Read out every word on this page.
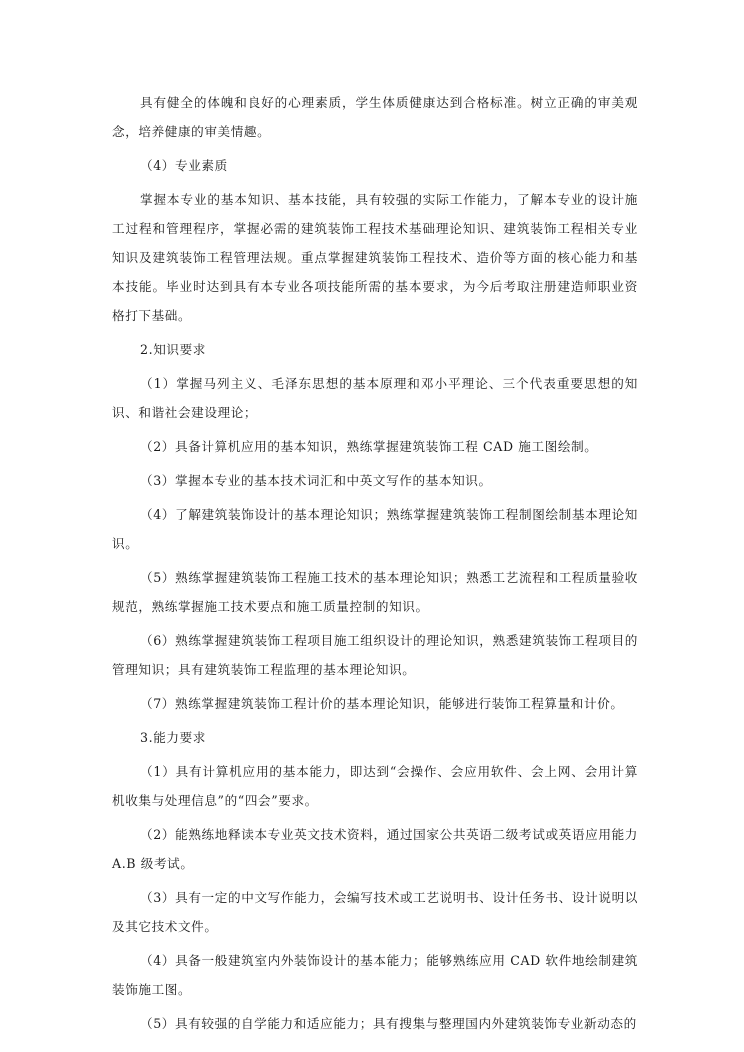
具有健全的体魄和良好的心理素质，学生体质健康达到合格标准。树立正确的审美观念，培养健康的审美情趣。

（4）专业素质

掌握本专业的基本知识、基本技能，具有较强的实际工作能力，了解本专业的设计施工过程和管理程序，掌握必需的建筑装饰工程技术基础理论知识、建筑装饰工程相关专业知识及建筑装饰工程管理法规。重点掌握建筑装饰工程技术、造价等方面的核心能力和基本技能。毕业时达到具有本专业各项技能所需的基本要求，为今后考取注册建造师职业资格打下基础。

2.知识要求

（1）掌握马列主义、毛泽东思想的基本原理和邓小平理论、三个代表重要思想的知识、和谐社会建设理论；

（2）具备计算机应用的基本知识，熟练掌握建筑装饰工程 CAD 施工图绘制。

（3）掌握本专业的基本技术词汇和中英文写作的基本知识。

（4）了解建筑装饰设计的基本理论知识；熟练掌握建筑装饰工程制图绘制基本理论知识。

（5）熟练掌握建筑装饰工程施工技术的基本理论知识；熟悉工艺流程和工程质量验收规范，熟练掌握施工技术要点和施工质量控制的知识。

（6）熟练掌握建筑装饰工程项目施工组织设计的理论知识，熟悉建筑装饰工程项目的管理知识；具有建筑装饰工程监理的基本理论知识。

（7）熟练掌握建筑装饰工程计价的基本理论知识，能够进行装饰工程算量和计价。

3.能力要求

（1）具有计算机应用的基本能力，即达到“会操作、会应用软件、会上网、会用计算机收集与处理信息”的“四会”要求。

（2）能熟练地释读本专业英文技术资料，通过国家公共英语二级考试或英语应用能力A.B 级考试。

（3）具有一定的中文写作能力，会编写技术或工艺说明书、设计任务书、设计说明以及其它技术文件。

（4）具备一般建筑室内外装饰设计的基本能力；能够熟练应用 CAD 软件地绘制建筑装饰施工图。

（5）具有较强的自学能力和适应能力；具有搜集与整理国内外建筑装饰专业新动态的
